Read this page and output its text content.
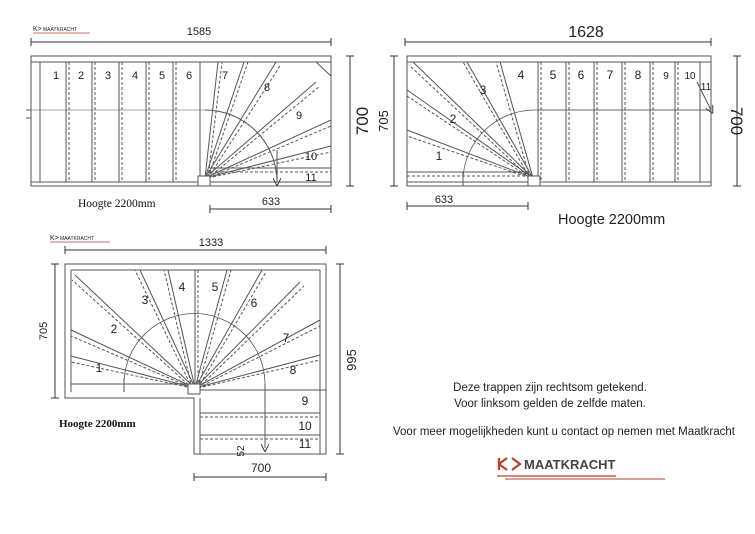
K> MAATKRACHT
K> MAATKRACHT
1585
700
633
Hoogte 2200mm
1 2 3 4 5 6	7
8
9
10
11
1628
705	700
633
Hoogte 2200mm
1
2
3
4 5 6 7 8 9 10
11
1333
705
995
700
52
Hoogte 2200mm
1
2
3
4 5
6
7
8
9
10
11
MAATKRACHT
Deze trappen zijn rechtsom getekend.
Voor linksom gelden de zelfde maten.
Voor meer mogelijkheden kunt u contact op nemen met Maatkracht
